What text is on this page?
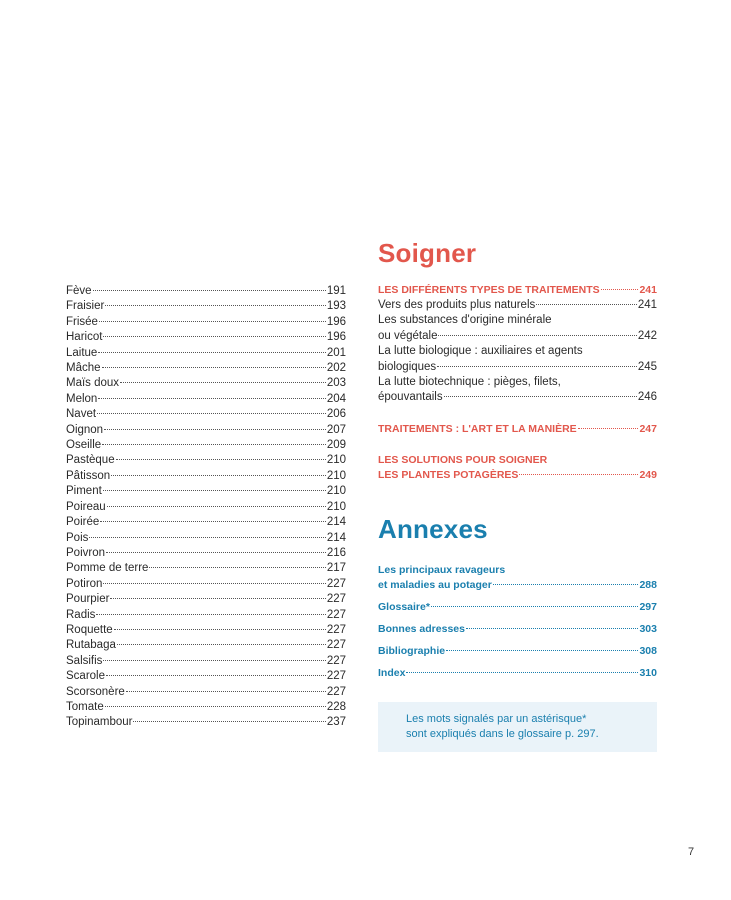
Fève	191
Fraisier	193
Frisée	196
Haricot	196
Laitue	201
Mâche	202
Maïs doux	203
Melon	204
Navet	206
Oignon	207
Oseille	209
Pastèque	210
Pâtisson	210
Piment	210
Poireau	210
Poirée	214
Pois	214
Poivron	216
Pomme de terre	217
Potiron	227
Pourpier	227
Radis	227
Roquette	227
Rutabaga	227
Salsifis	227
Scarole	227
Scorsonère	227
Tomate	228
Topinambour	237
Soigner
LES DIFFÉRENTS TYPES DE TRAITEMENTS	241
Vers des produits plus naturels	241
Les substances d'origine minérale
ou végétale	242
La lutte biologique : auxiliaires et agents
biologiques	245
La lutte biotechnique : pièges, filets,
épouvantails	246
TRAITEMENTS : L'ART ET LA MANIÈRE	247
LES SOLUTIONS POUR SOIGNER
LES PLANTES POTAGÈRES	249
Annexes
Les principaux ravageurs
et maladies au potager	288
Glossaire*	297
Bonnes adresses	303
Bibliographie	308
Index	310
Les mots signalés par un astérisque*
sont expliqués dans le glossaire p. 297.
7
